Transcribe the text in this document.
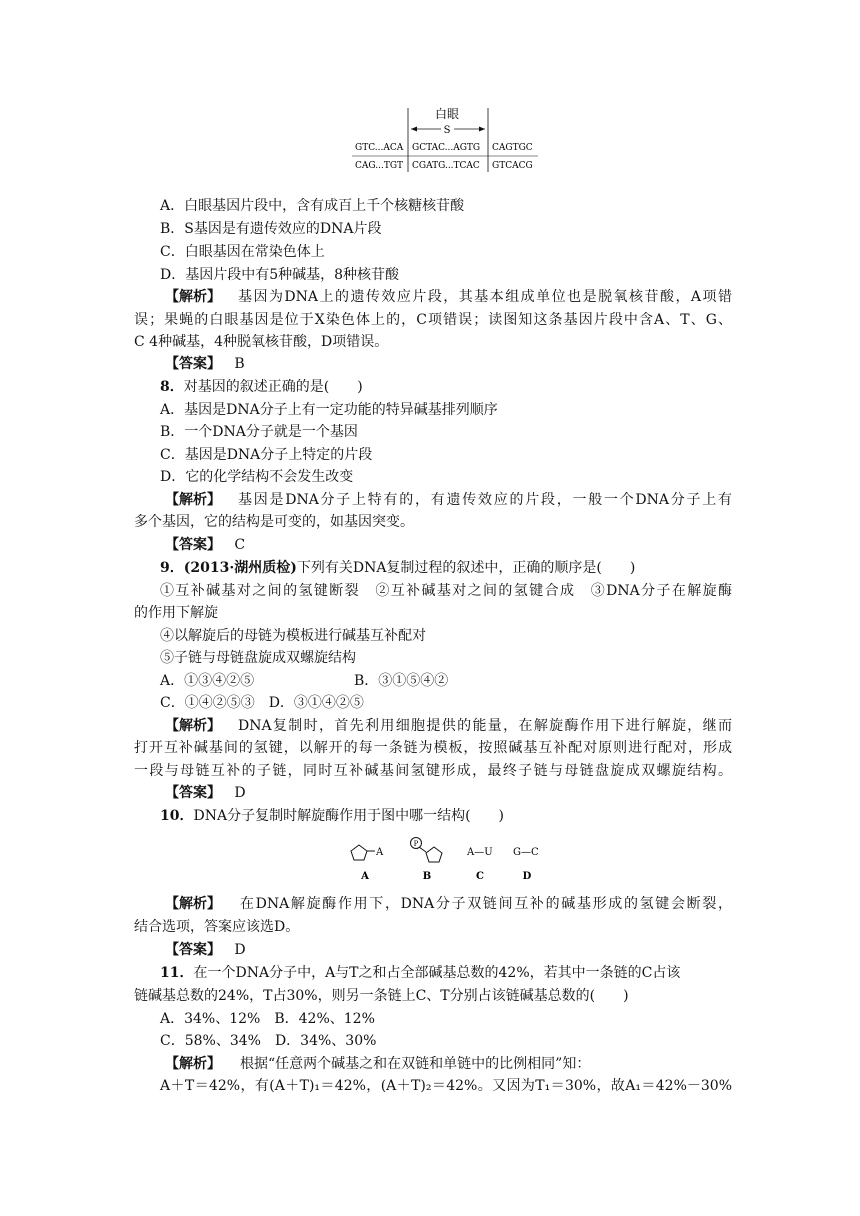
白眼
S
GTC...ACA GCTAC...AGTG CAGTGC
CAG...TGT CGATG...TCAC GTCACG
A．白眼基因片段中，含有成百上千个核糖核苷酸
B．S基因是有遗传效应的DNA片段
C．白眼基因在常染色体上
D．基因片段中有5种碱基，8种核苷酸
【解析】 基因为DNA上的遗传效应片段，其基本组成单位也是脱氧核苷酸，A项错
误；果蝇的白眼基因是位于X染色体上的，C项错误；读图知这条基因片段中含A、T、G、
C 4种碱基，4种脱氧核苷酸，D项错误。
【答案】 B
8．对基因的叙述正确的是(　　)
A．基因是DNA分子上有一定功能的特异碱基排列顺序
B．一个DNA分子就是一个基因
C．基因是DNA分子上特定的片段
D．它的化学结构不会发生改变
【解析】 基因是DNA分子上特有的，有遗传效应的片段，一般一个DNA分子上有
多个基因，它的结构是可变的，如基因突变。
【答案】 C
9．(2013·湖州质检)下列有关DNA复制过程的叙述中，正确的顺序是(　　)
①互补碱基对之间的氢键断裂　②互补碱基对之间的氢键合成　③DNA分子在解旋酶
的作用下解旋
④以解旋后的母链为模板进行碱基互补配对
⑤子链与母链盘旋成双螺旋结构
A．①③④②⑤	B．③①⑤④②
C．①④②⑤③　D．③①④②⑤
【解析】 DNA复制时，首先利用细胞提供的能量，在解旋酶作用下进行解旋，继而
打开互补碱基间的氢键，以解开的每一条链为模板，按照碱基互补配对原则进行配对，形成
一段与母链互补的子链，同时互补碱基间氢键形成，最终子链与母链盘旋成双螺旋结构。
【答案】 D
10．DNA分子复制时解旋酶作用于图中哪一结构(　　)
A
P
A—U G—C
A	B	C	D
【解析】 在DNA解旋酶作用下，DNA分子双链间互补的碱基形成的氢键会断裂，
结合选项，答案应该选D。
【答案】 D
11．在一个DNA分子中，A与T之和占全部碱基总数的42%，若其中一条链的C占该
链碱基总数的24%，T占30%，则另一条链上C、T分别占该链碱基总数的(　　)
A．34%、12%　B．42%、12%
C．58%、34%　D．34%、30%
【解析】 根据“任意两个碱基之和在双链和单链中的比例相同”知：
A＋T＝42%，有(A＋T)₁＝42%，(A＋T)₂＝42%。又因为T₁＝30%，故A₁＝42%－30%
